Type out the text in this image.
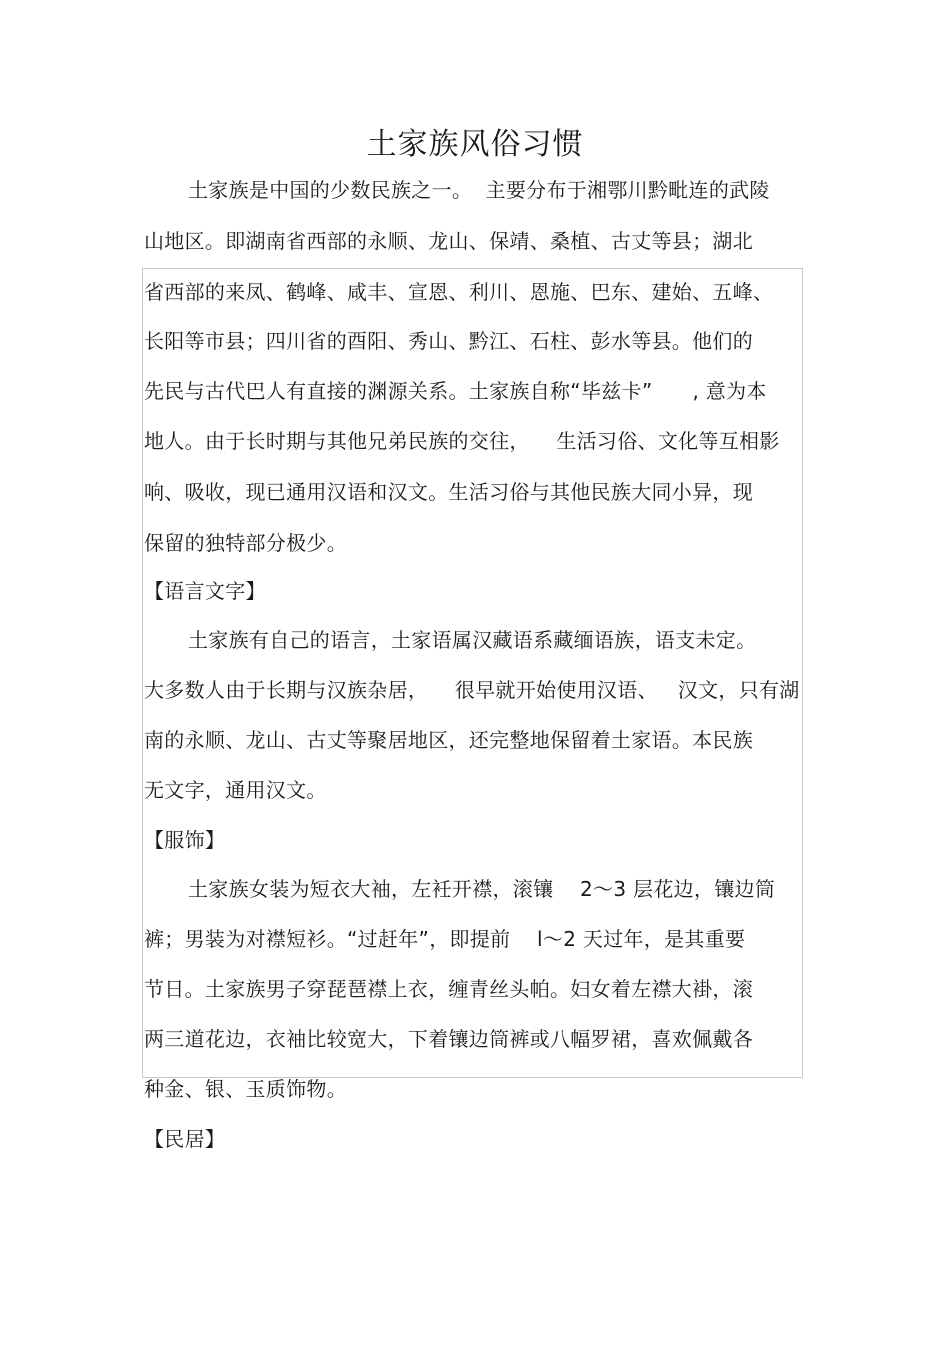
土家族风俗习惯
土家族是中国的少数民族之一。  主要分布于湘鄂川黔毗连的武陵
山地区。即湖南省西部的永顺、龙山、保靖、桑植、古丈等县；湖北
省西部的来凤、鹤峰、咸丰、宣恩、利川、恩施、巴东、建始、五峰、
长阳等市县；四川省的酉阳、秀山、黔江、石柱、彭水等县。他们的
先民与古代巴人有直接的渊源关系。土家族自称“毕兹卡”      , 意为本
地人。由于长时期与其他兄弟民族的交往，    生活习俗、文化等互相影
响、吸收，现已通用汉语和汉文。生活习俗与其他民族大同小异，现
保留的独特部分极少。
【语言文字】
土家族有自己的语言，土家语属汉藏语系藏缅语族，语支未定。
大多数人由于长期与汉族杂居，    很早就开始使用汉语、   汉文，只有湖
南的永顺、龙山、古丈等聚居地区，还完整地保留着土家语。本民族
无文字，通用汉文。
【服饰】
土家族女装为短衣大袖，左衽开襟，滚镶    2～3 层花边，镶边筒
裤；男装为对襟短衫。“过赶年”，即提前    l～2 天过年，是其重要
节日。土家族男子穿琵琶襟上衣，缠青丝头帕。妇女着左襟大褂，滚
两三道花边，衣袖比较宽大，下着镶边筒裤或八幅罗裙，喜欢佩戴各
种金、银、玉质饰物。
【民居】
